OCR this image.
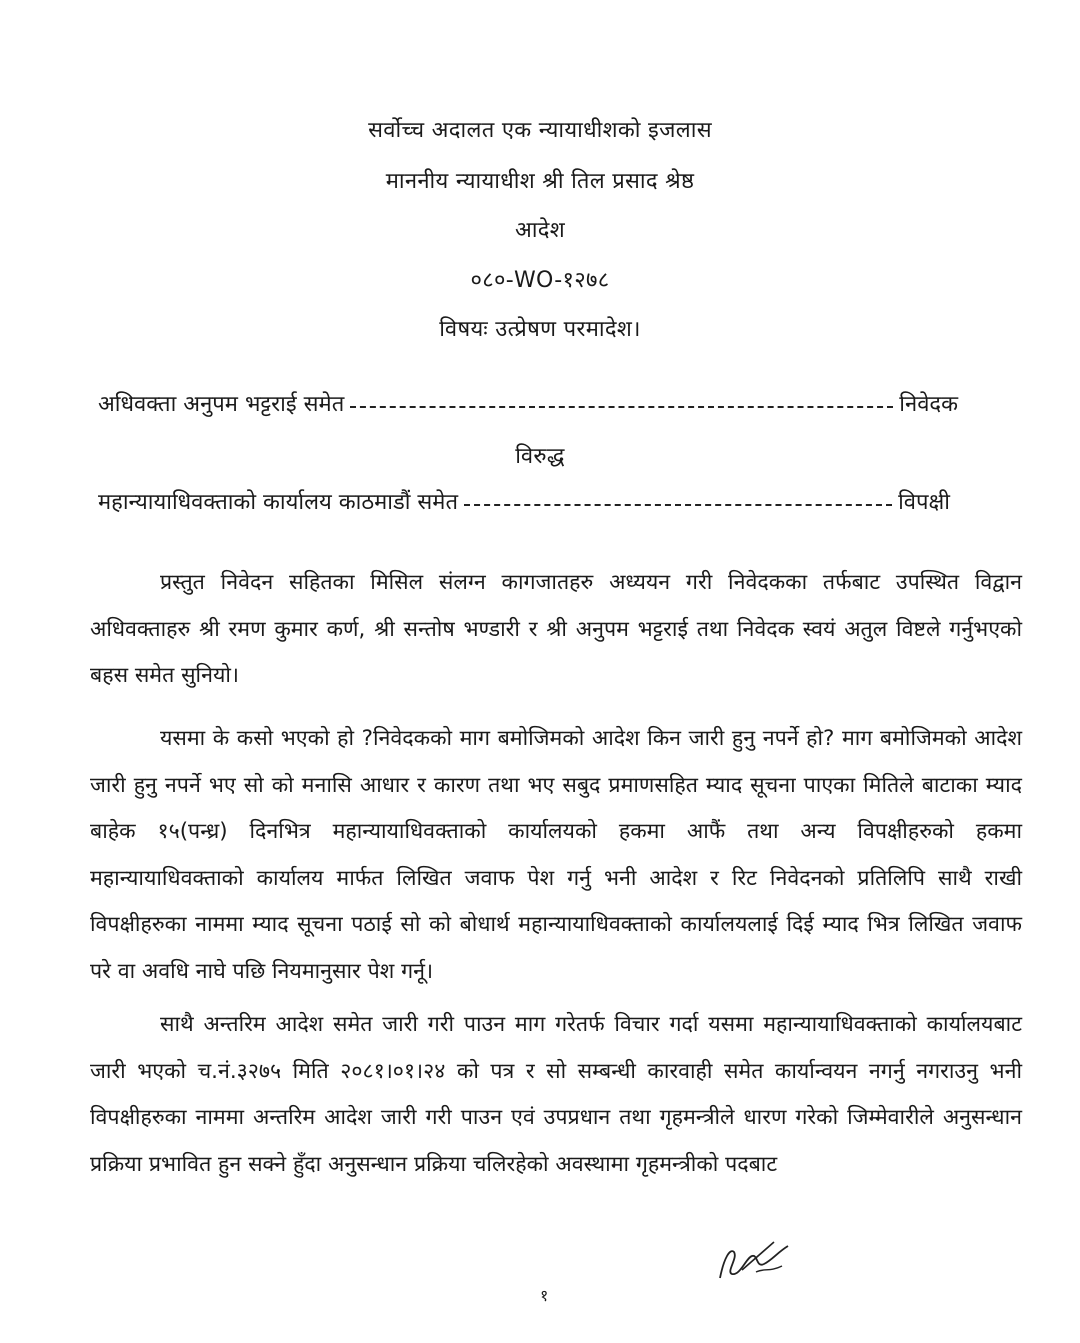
सर्वोच्च अदालत एक न्यायाधीशको इजलास
माननीय न्यायाधीश श्री तिल प्रसाद श्रेष्ठ
आदेश
०८०-WO-१२७८
विषयः उत्प्रेषण परमादेश।
अधिवक्ता अनुपम भट्टराई समेत	निवेदक
विरुद्ध
महान्यायाधिवक्ताको कार्यालय काठमाडौं समेत	विपक्षी
प्रस्तुत निवेदन सहितका मिसिल संलग्न कागजातहरु अध्ययन गरी निवेदकका तर्फबाट उपस्थित विद्वान अधिवक्ताहरु श्री रमण कुमार कर्ण, श्री सन्तोष भण्डारी र श्री अनुपम भट्टराई तथा निवेदक स्वयं अतुल विष्टले गर्नुभएको बहस समेत सुनियो।
यसमा के कसो भएको हो ?निवेदकको माग बमोजिमको आदेश किन जारी हुनु नपर्ने हो? माग बमोजिमको आदेश जारी हुनु नपर्ने भए सो को मनासि आधार र कारण तथा भए सबुद प्रमाणसहित म्याद सूचना पाएका मितिले बाटाका म्याद बाहेक १५(पन्ध्र) दिनभित्र महान्यायाधिवक्ताको कार्यालयको हकमा आफैं तथा अन्य विपक्षीहरुको हकमा महान्यायाधिवक्ताको कार्यालय मार्फत लिखित जवाफ पेश गर्नु भनी आदेश र रिट निवेदनको प्रतिलिपि साथै राखी विपक्षीहरुका नाममा म्याद सूचना पठाई सो को बोधार्थ महान्यायाधिवक्ताको कार्यालयलाई दिई म्याद भित्र लिखित जवाफ परे वा अवधि नाघे पछि नियमानुसार पेश गर्नू।
साथै अन्तरिम आदेश समेत जारी गरी पाउन माग गरेतर्फ विचार गर्दा यसमा महान्यायाधिवक्ताको कार्यालयबाट जारी भएको च.नं.३२७५ मिति २०८१।०१।२४ को पत्र र सो सम्बन्धी कारवाही समेत कार्यान्वयन नगर्नु नगराउनु भनी विपक्षीहरुका नाममा अन्तरिम आदेश जारी गरी पाउन एवं उपप्रधान तथा गृहमन्त्रीले धारण गरेको जिम्मेवारीले अनुसन्धान प्रक्रिया प्रभावित हुन सक्ने हुँदा अनुसन्धान प्रक्रिया चलिरहेको अवस्थामा गृहमन्त्रीको पदबाट
१
